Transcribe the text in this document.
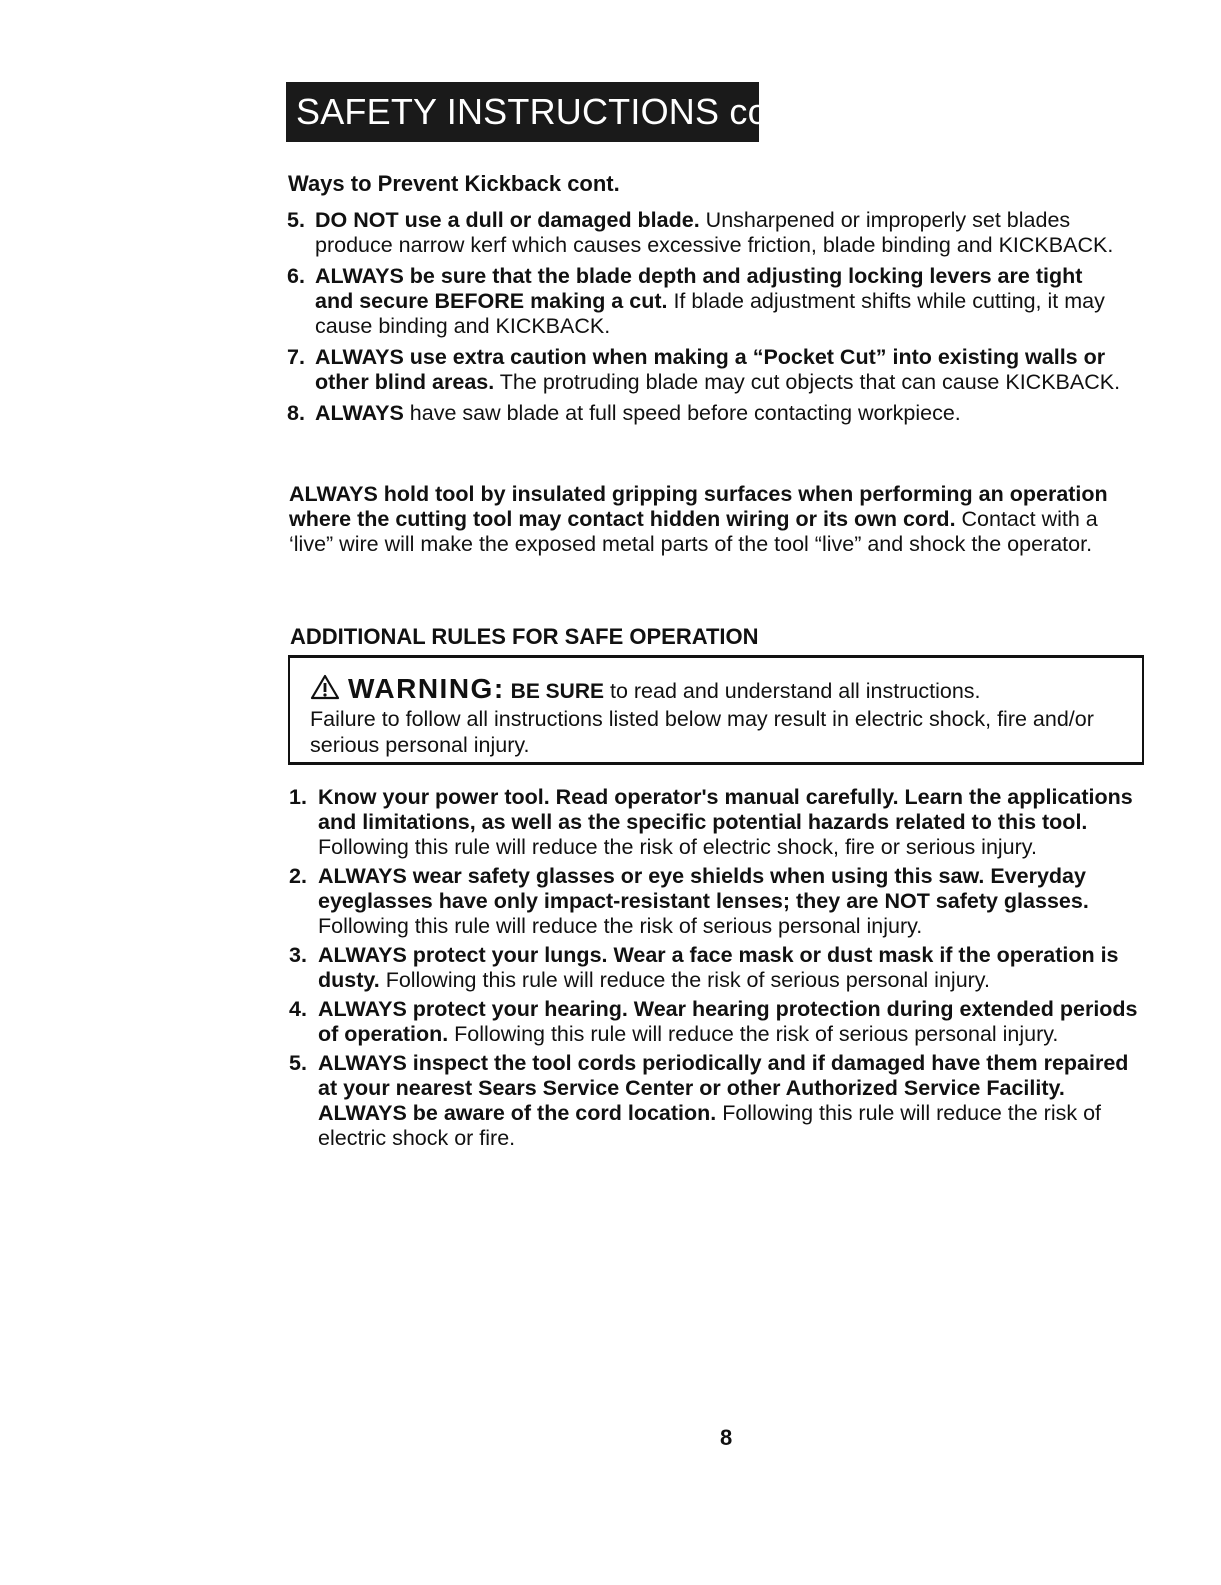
SAFETY INSTRUCTIONS cont.
Ways to Prevent Kickback cont.
5. DO NOT use a dull or damaged blade. Unsharpened or improperly set blades produce narrow kerf which causes excessive friction, blade binding and KICKBACK.
6. ALWAYS be sure that the blade depth and adjusting locking levers are tight and secure BEFORE making a cut. If blade adjustment shifts while cutting, it may cause binding and KICKBACK.
7. ALWAYS use extra caution when making a “Pocket Cut” into existing walls or other blind areas. The protruding blade may cut objects that can cause KICKBACK.
8. ALWAYS have saw blade at full speed before contacting workpiece.

ALWAYS hold tool by insulated gripping surfaces when performing an operation where the cutting tool may contact hidden wiring or its own cord. Contact with a ‘live” wire will make the exposed metal parts of the tool “live” and shock the operator.

ADDITIONAL RULES FOR SAFE OPERATION
WARNING: BE SURE to read and understand all instructions.
Failure to follow all instructions listed below may result in electric shock, fire and/or serious personal injury.
1. Know your power tool. Read operator's manual carefully. Learn the applications and limitations, as well as the specific potential hazards related to this tool. Following this rule will reduce the risk of electric shock, fire or serious injury.
2. ALWAYS wear safety glasses or eye shields when using this saw. Everyday eyeglasses have only impact-resistant lenses; they are NOT safety glasses. Following this rule will reduce the risk of serious personal injury.
3. ALWAYS protect your lungs. Wear a face mask or dust mask if the operation is dusty. Following this rule will reduce the risk of serious personal injury.
4. ALWAYS protect your hearing. Wear hearing protection during extended periods of operation. Following this rule will reduce the risk of serious personal injury.
5. ALWAYS inspect the tool cords periodically and if damaged have them repaired at your nearest Sears Service Center or other Authorized Service Facility. ALWAYS be aware of the cord location. Following this rule will reduce the risk of electric shock or fire.
8
